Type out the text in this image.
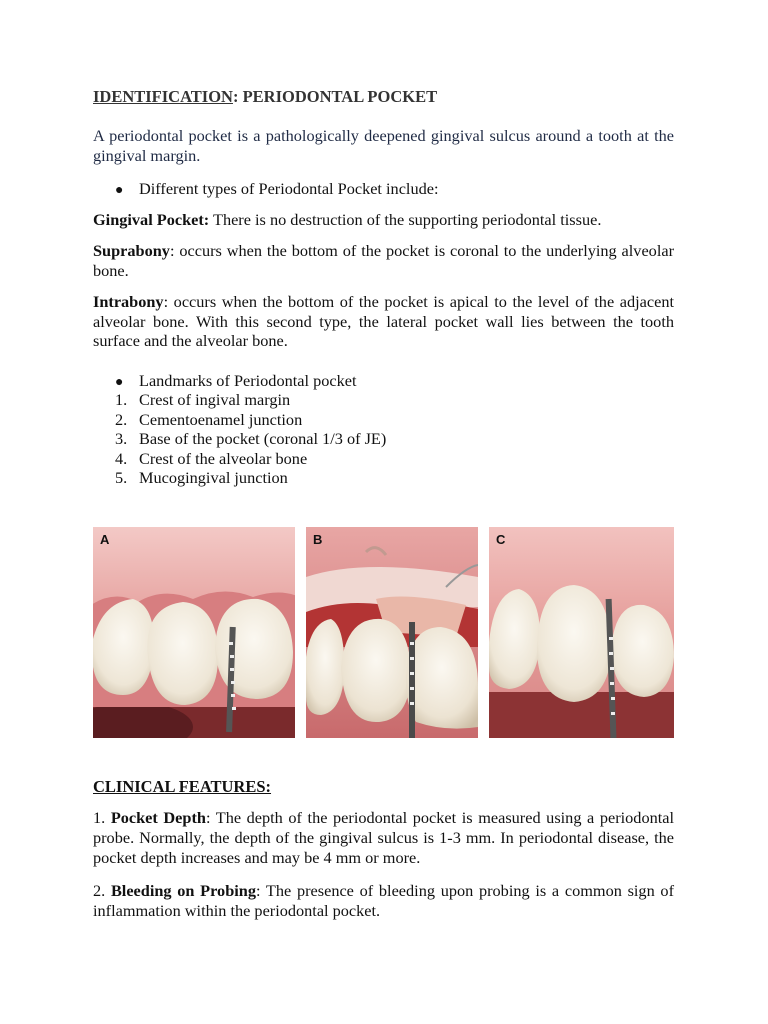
IDENTIFICATION: PERIODONTAL POCKET

A periodontal pocket is a pathologically deepened gingival sulcus around a tooth at the gingival margin.

● Different types of Periodontal Pocket include:

Gingival Pocket: There is no destruction of the supporting periodontal tissue.

Suprabony: occurs when the bottom of the pocket is coronal to the underlying alveolar bone.

Intrabony: occurs when the bottom of the pocket is apical to the level of the adjacent alveolar bone. With this second type, the lateral pocket wall lies between the tooth surface and the alveolar bone.

● Landmarks of Periodontal pocket
1. Crest of ingival margin
2. Cementoenamel junction
3. Base of the pocket (coronal 1/3 of JE)
4. Crest of the alveolar bone
5. Mucogingival junction
A	B	C
CLINICAL FEATURES:

1. Pocket Depth: The depth of the periodontal pocket is measured using a periodontal probe. Normally, the depth of the gingival sulcus is 1-3 mm. In periodontal disease, the pocket depth increases and may be 4 mm or more.

2. Bleeding on Probing: The presence of bleeding upon probing is a common sign of inflammation within the periodontal pocket.
